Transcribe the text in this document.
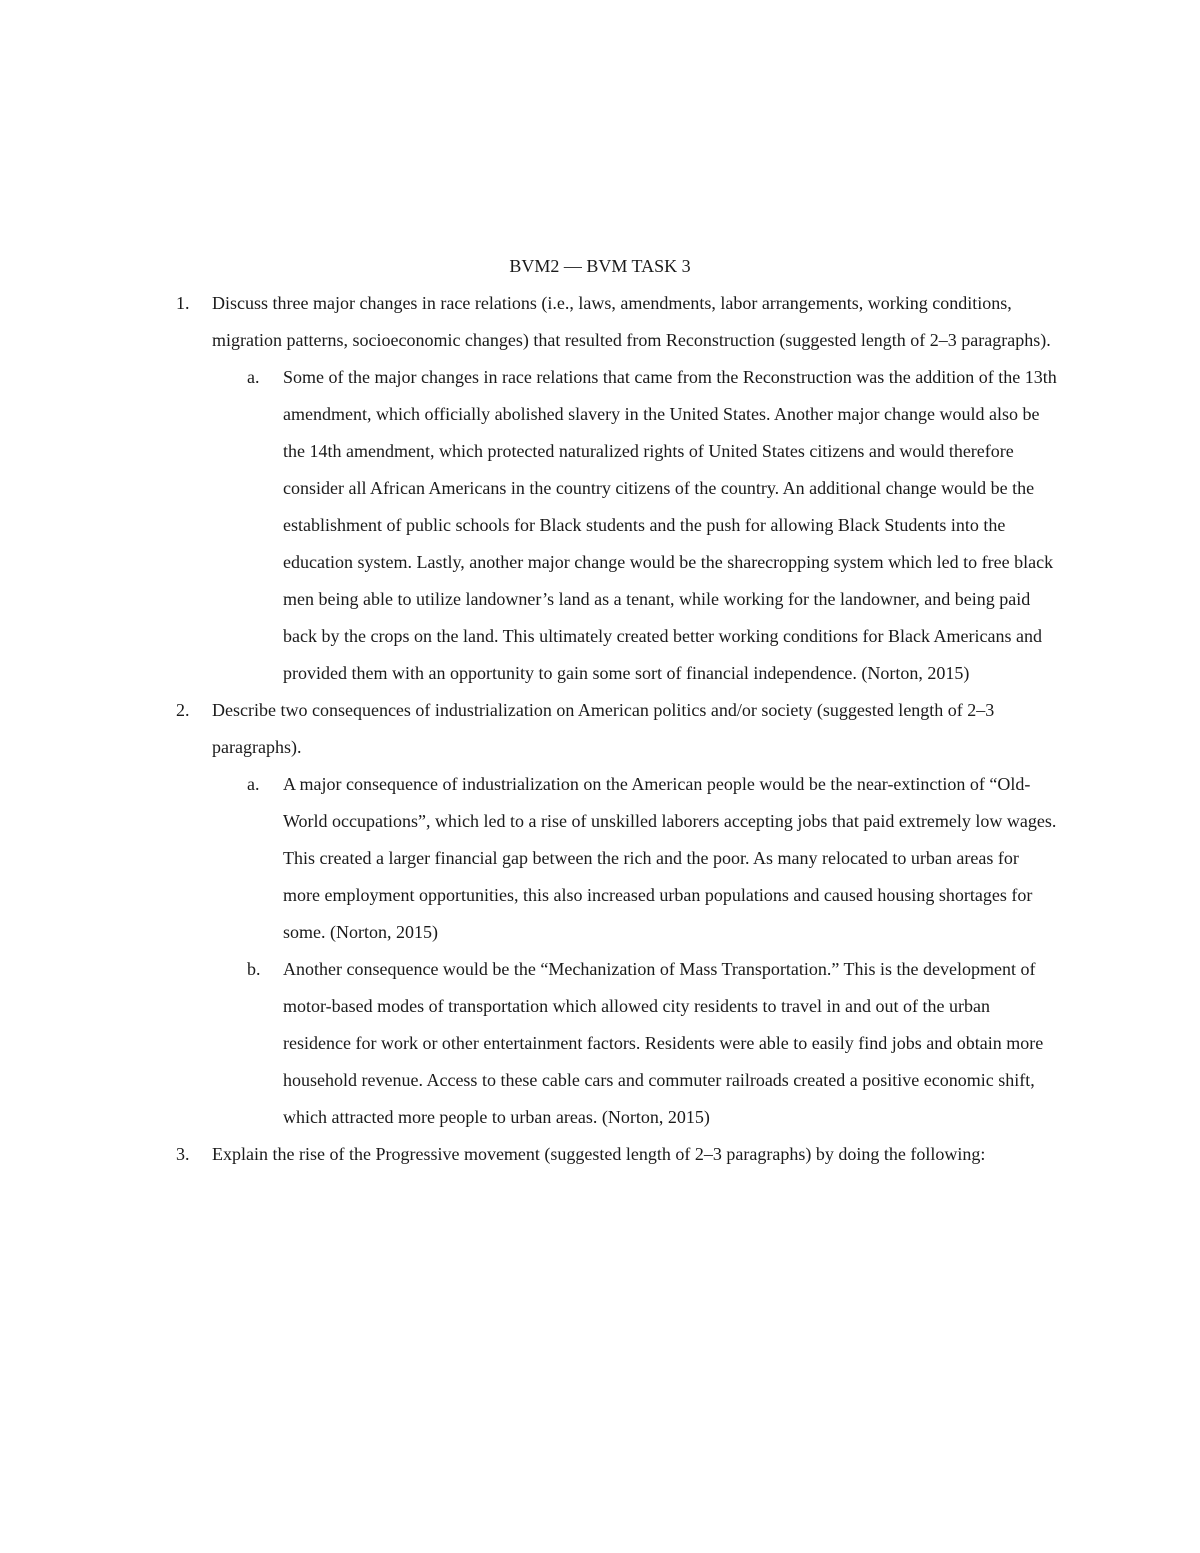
BVM2 — BVM TASK 3
1. Discuss three major changes in race relations (i.e., laws, amendments, labor arrangements, working conditions, migration patterns, socioeconomic changes) that resulted from Reconstruction (suggested length of 2–3 paragraphs).
a. Some of the major changes in race relations that came from the Reconstruction was the addition of the 13th amendment, which officially abolished slavery in the United States. Another major change would also be the 14th amendment, which protected naturalized rights of United States citizens and would therefore consider all African Americans in the country citizens of the country. An additional change would be the establishment of public schools for Black students and the push for allowing Black Students into the education system. Lastly, another major change would be the sharecropping system which led to free black men being able to utilize landowner’s land as a tenant, while working for the landowner, and being paid back by the crops on the land. This ultimately created better working conditions for Black Americans and provided them with an opportunity to gain some sort of financial independence. (Norton, 2015)
2. Describe two consequences of industrialization on American politics and/or society (suggested length of 2–3 paragraphs).
a. A major consequence of industrialization on the American people would be the near-extinction of “Old-World occupations”, which led to a rise of unskilled laborers accepting jobs that paid extremely low wages. This created a larger financial gap between the rich and the poor. As many relocated to urban areas for more employment opportunities, this also increased urban populations and caused housing shortages for some. (Norton, 2015)
b. Another consequence would be the “Mechanization of Mass Transportation.” This is the development of motor-based modes of transportation which allowed city residents to travel in and out of the urban residence for work or other entertainment factors. Residents were able to easily find jobs and obtain more household revenue. Access to these cable cars and commuter railroads created a positive economic shift, which attracted more people to urban areas. (Norton, 2015)
3. Explain the rise of the Progressive movement (suggested length of 2–3 paragraphs) by doing the following:
